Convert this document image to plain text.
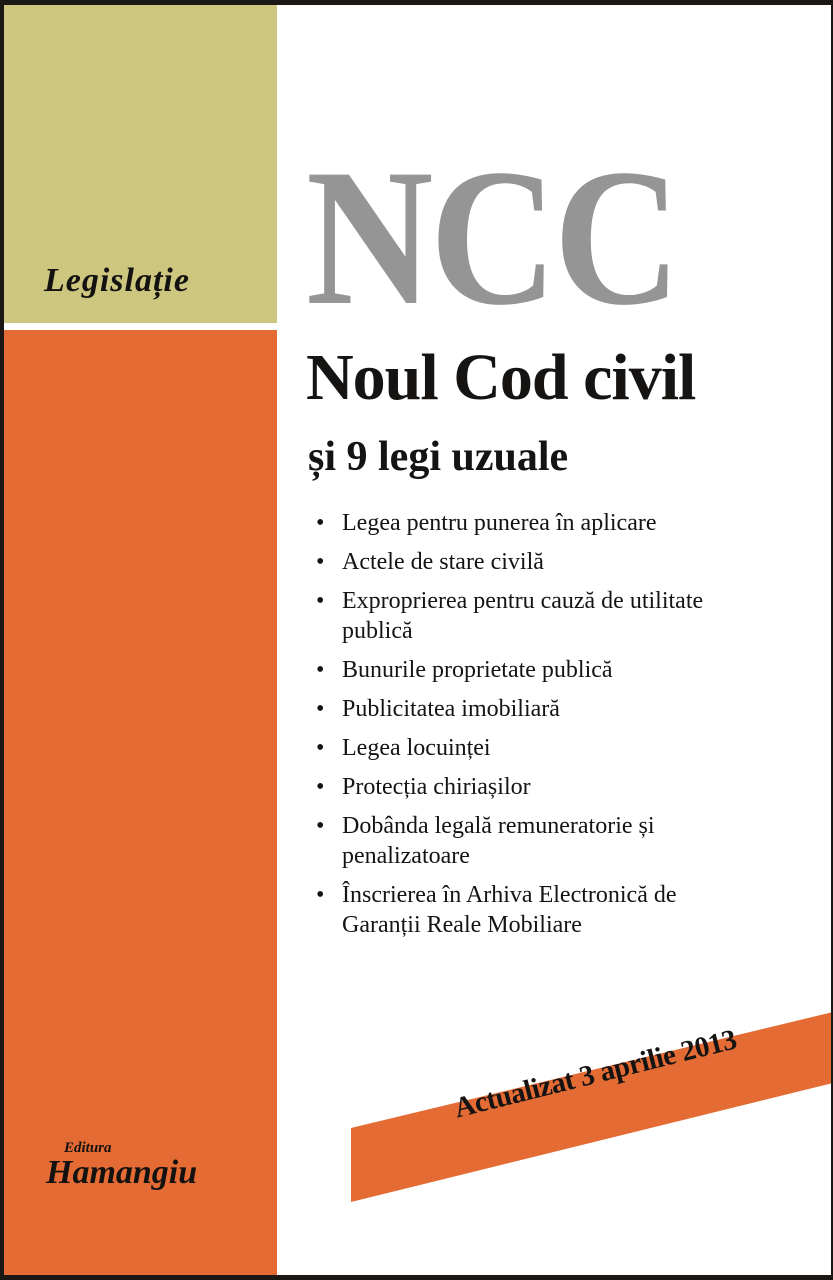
Legislație NCC
Noul Cod civil
și 9 legi uzuale
• Legea pentru punerea în aplicare
• Actele de stare civilă
• Exproprierea pentru cauză de utilitate publică
• Bunurile proprietate publică
• Publicitatea imobiliară
• Legea locuinței
• Protecția chiriașilor
• Dobânda legală remuneratorie și penalizatoare
• Înscrierea în Arhiva Electronică de Garanții Reale Mobiliare
Actualizat 3 aprilie 2013
Editura
Hamangiu
